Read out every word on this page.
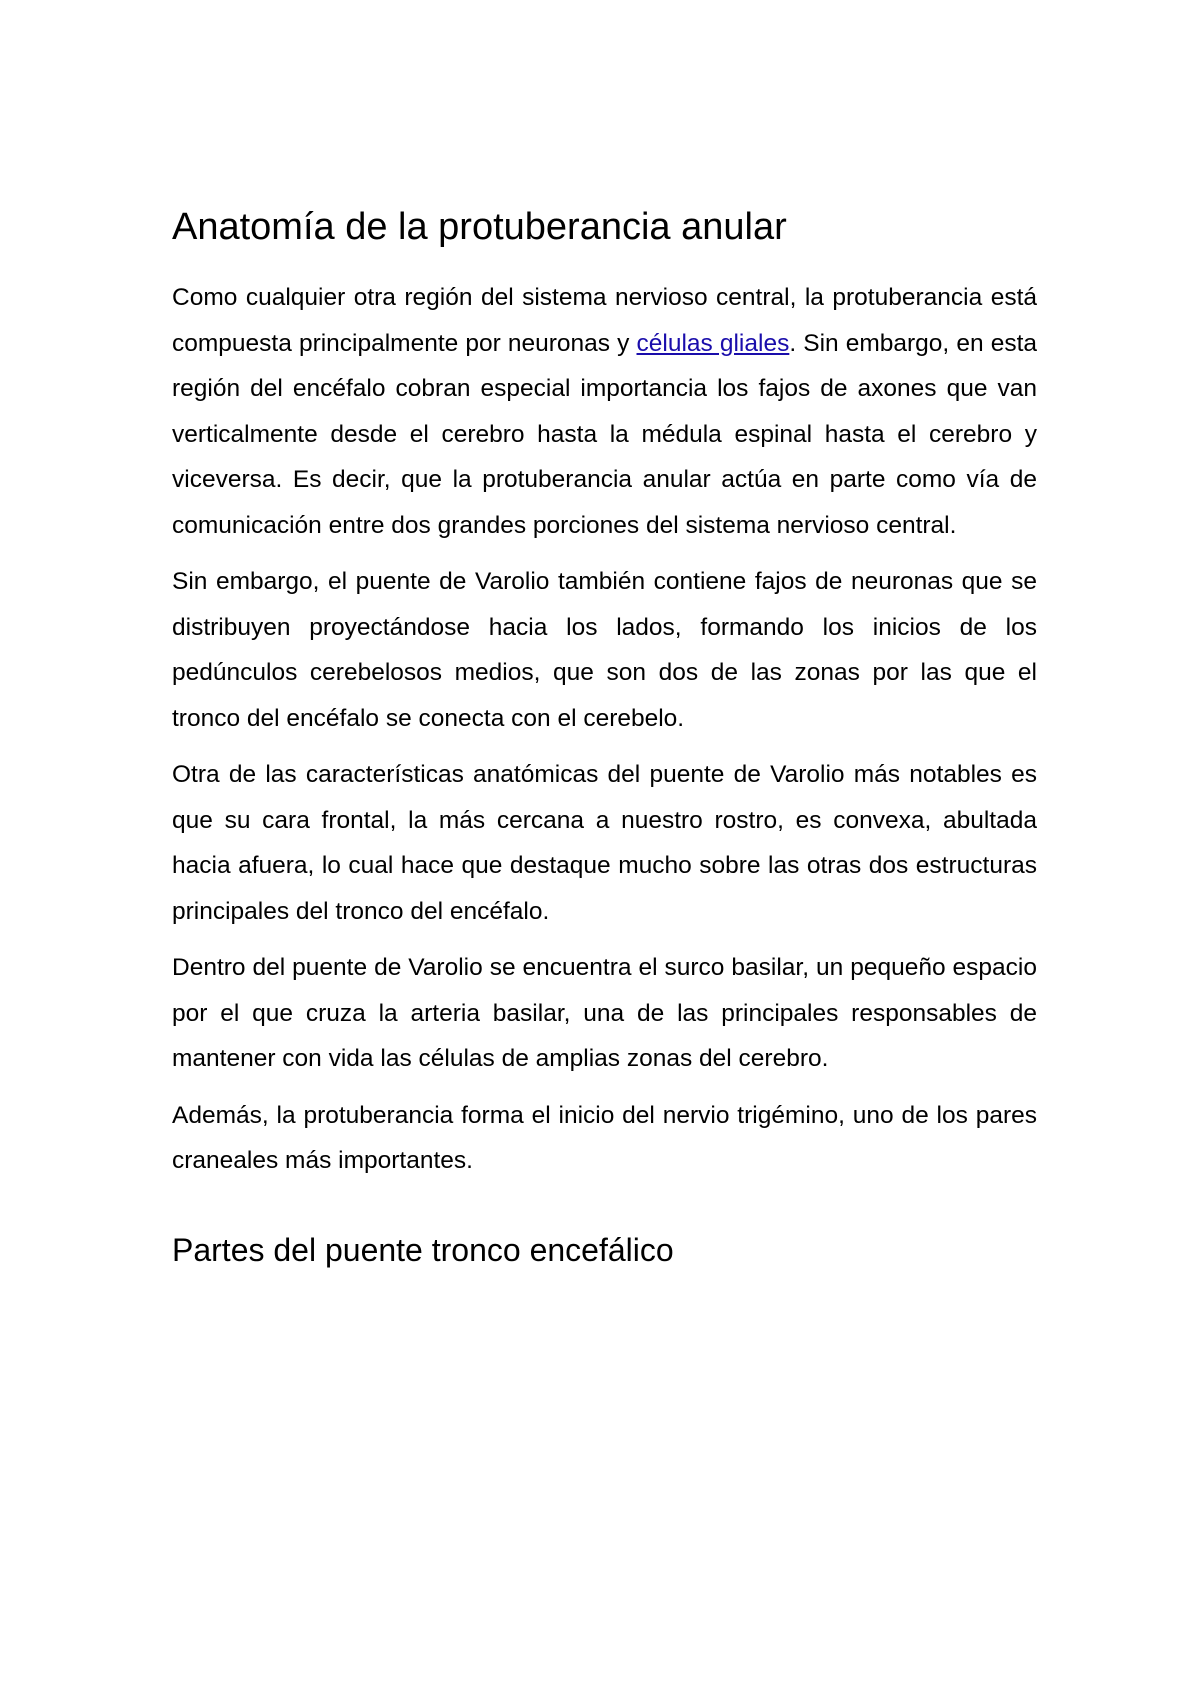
Anatomía de la protuberancia anular

Como cualquier otra región del sistema nervioso central, la protuberancia está compuesta principalmente por neuronas y células gliales. Sin embargo, en esta región del encéfalo cobran especial importancia los fajos de axones que van verticalmente desde el cerebro hasta la médula espinal hasta el cerebro y viceversa. Es decir, que la protuberancia anular actúa en parte como vía de comunicación entre dos grandes porciones del sistema nervioso central.

Sin embargo, el puente de Varolio también contiene fajos de neuronas que se distribuyen proyectándose hacia los lados, formando los inicios de los pedúnculos cerebelosos medios, que son dos de las zonas por las que el tronco del encéfalo se conecta con el cerebelo.

Otra de las características anatómicas del puente de Varolio más notables es que su cara frontal, la más cercana a nuestro rostro, es convexa, abultada hacia afuera, lo cual hace que destaque mucho sobre las otras dos estructuras principales del tronco del encéfalo.

Dentro del puente de Varolio se encuentra el surco basilar, un pequeño espacio por el que cruza la arteria basilar, una de las principales responsables de mantener con vida las células de amplias zonas del cerebro.

Además, la protuberancia forma el inicio del nervio trigémino, uno de los pares craneales más importantes.

Partes del puente tronco encefálico
